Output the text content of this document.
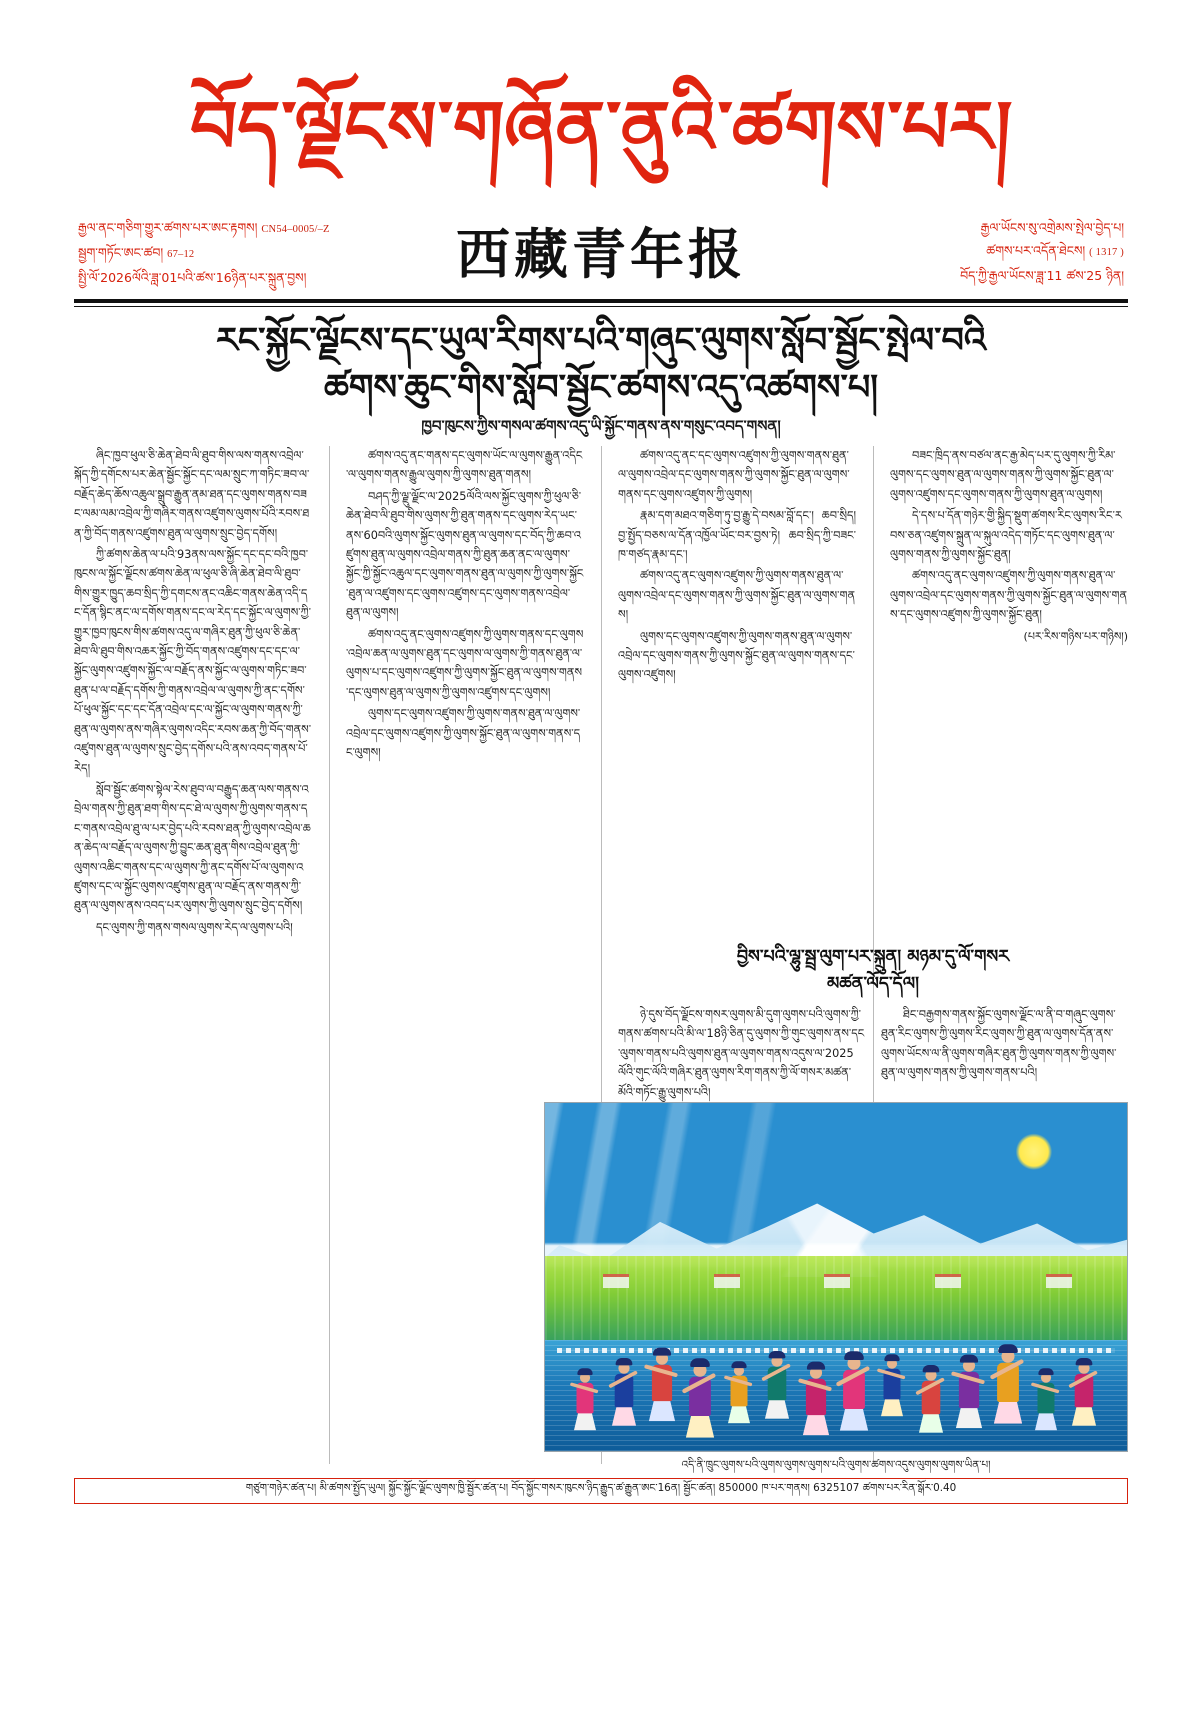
བོད་ལྗོངས་གཞོན་ནུའི་ཚགས་པར།
རྒྱལ་ནང་གཅིག་གྱུར་ཚགས་པར་ཨང་རྟགས། CN54–0005/–Z
སྦྱག་གཏོང་ཨང་ཚབ། 67–12
སྤྱི་ལོ་2026ལོའི་ཟླ་01པའི་ཚས་16ཉིན་པར་སྐྲུན་བྱས།	西藏青年报	རྒྱལ་ཡོངས་སུ་འགྲེམས་སྤེལ་བྱེད་པ།
ཚགས་པར་འདོན་ཐེངས། ( 1317 )
བོད་ཀྱི་རྒྱལ་ཡོངས་ཟླ་11 ཚས་25 ཉིན།
རང་སྐྱོང་ལྗོངས་དང་ཡུལ་རིགས་པའི་གཞུང་ལུགས་སློབ་སྦྱོང་སྤེལ་བའི
ཚགས་ཆུང་གིས་སློབ་སྦྱོང་ཚགས་འདུ་འཚགས་པ།
ཁྱབ་ཁུངས་ཀྱིས་གསལ་ཚགས་འདུ་ཡི་སྐྱོང་གནས་ནས་གསུང་འབད་གསན།

ཞིང་ཁྱབ་ཕུལ་ཅི་ཆེན་ཐེབ་ལི་ཐུབ་གིས་ལས་གནས་འབྲེལ་སྐོད་ཀྱི་དགོངས་པར་ཆེན་སྦྱོང་སྐྱོང་དང་ལམ་སྲུང་ཀ་གཏིང་ཟབ་ལ་བརྗོད་ཆེད་ཆོས་འཆུལ་སྒྲུབ་རྒྱུན་ནམ་ཐན་དང་ལུགས་གནས་བཟང་ལམ་ལམ་འབྲེལ་ཀྱི་གཞིར་གནས་འཛུགས་ལུགས་པོའི་རབས་ཐན་ཀྱི་བོད་གནས་འཛུགས་ཐུན་ལ་ལུགས་སྲུང་བྱེད་དགོས།

ཀྱི་ཚགས་ཆེན་ལ་པའི་93ནས་ལས་སྐྱོང་དང་དང་བའི་ཁྱབ་ཁུངས་ལ་སྐྱོང་ལྗོངས་ཚགས་ཆེན་ལ་ཕུལ་ཅི་ཞི་ཆེན་ཐེབ་ལི་ཐུབ་གིས་གྱུར་ཁྱུད་ཆབ་སྲིད་ཀྱི་དགངས་ནང་འཆིང་གནས་ཆེན་འདི་དང་དོན་སྙིང་ནང་ལ་དགོས་གནས་དང་ལ་རེད་དང་སྐྱོང་ལ་ལུགས་ཀྱི་གྱུར་ཁྱབ་ཁུངས་གིས་ཚགས་འདུ་ལ་གཞིར་ཐུན་ཀྱི་ཕུལ་ཅི་ཆེན་ཐེབ་ལི་ཐུབ་གིས་འཆར་སྐྱོང་ཀྱི་བོད་གནས་འཛུགས་དང་དང་ལ་སྐྱོང་ལུགས་འཛུགས་སྐྱོང་ལ་བརྗོད་ནས་སྐྱོང་ལ་ལུགས་གཏིང་ཟབ་ཐུན་པ་ལ་བརྗོད་དགོས་ཀྱི་གནས་འབྲེལ་ལ་ལུགས་ཀྱི་ནང་དགོས་པོ་ཕུལ་སྐྱོང་དང་དང་དོན་འབྲེལ་དང་ལ་སྐྱོང་ལ་ལུགས་གནས་ཀྱི་ཐུན་ལ་ལུགས་ནས་གཞིར་ལུགས་འདིང་རབས་ཆན་ཀྱི་བོད་གནས་འཛུགས་ཐུན་ལ་ལུགས་སྲུང་བྱེད་དགོས་པའི་ནས་འབད་གནས་པོ་རེད།

སློབ་སྦྱོང་ཚགས་སྟེལ་རེས་ཐུབ་ལ་བརྒྱུད་ཆན་ལས་གནས་འབྲེལ་གནས་ཀྱི་ཐུན་ཐག་གིས་དང་ཐེ་ལ་ལུགས་ཀྱི་ལུགས་གནས་དང་གནས་འབྲེལ་ཐུ་ལ་པར་བྱེད་པའི་རབས་ཐན་ཀྱི་ལུགས་འབྲེལ་ཆན་ཆེད་ལ་བརྗོད་ལ་ལུགས་ཀྱི་བྱུང་ཆན་ཐུན་གིས་འབྲེལ་ཐུན་ཀྱི་ལུགས་འཆིང་གནས་དང་ལ་ལུགས་ཀྱི་ནང་དགོས་པོ་ལ་ལུགས་འཛུགས་དང་ལ་སྐྱོང་ལུགས་འཛུགས་ཐུན་ལ་བརྗོད་ནས་གནས་ཀྱི་ཐུན་ལ་ལུགས་ནས་འབད་པར་ལུགས་ཀྱི་ལུགས་སྲུང་བྱེད་དགོས།

དང་ལུགས་ཀྱི་གནས་གསལ་ལུགས་རེད་ལ་ལུགས་པའི།

ཚགས་འདུ་ནང་གནས་དང་ལུགས་ཡོང་ལ་ལུགས་རྒྱུན་འདིང་ལ་ལུགས་གནས་རྒྱུལ་ལུགས་ཀྱི་ལུགས་ཐུན་གནས།

བཤད་ཀྱི་ལྗུ་ལྗོང་ལ་2025ལོའི་ལས་སྐྱོང་ལུགས་ཀྱི་ཕུལ་ཅི་ཆེན་ཐེབ་ལི་ཐུབ་གིས་ལུགས་ཀྱི་ཐུན་གནས་དང་ལུགས་རེད་ཡང་ནས་60བའི་ལུགས་སྐྱོང་ལུགས་ཐུན་ལ་ལུགས་དང་བོད་ཀྱི་ཆབ་འཛུགས་ཐུན་ལ་ལུགས་འབྲེལ་གནས་ཀྱི་ཐུན་ཆན་ནང་ལ་ལུགས་སྐྱོང་ཀྱི་སྐྱོང་འཆུལ་དང་ལུགས་གནས་ཐུན་ལ་ལུགས་ཀྱི་ལུགས་སྐྱོང་ཐུན་ལ་འཛུགས་དང་ལུགས་འཛུགས་དང་ལུགས་གནས་འབྲེལ་ཐུན་ལ་ལུགས།

ཚགས་འདུ་ནང་ལུགས་འཛུགས་ཀྱི་ལུགས་གནས་དང་ལུགས་འབྲེལ་ཆན་ལ་ལུགས་ཐུན་དང་ལུགས་ལ་ལུགས་ཀྱི་གནས་ཐུན་ལ་ལུགས་པ་དང་ལུགས་འཛུགས་ཀྱི་ལུགས་སྐྱོང་ཐུན་ལ་ལུགས་གནས་དང་ལུགས་ཐུན་ལ་ལུགས་ཀྱི་ལུགས་འཛུགས་དང་ལུགས།

ལུགས་དང་ལུགས་འཛུགས་ཀྱི་ལུགས་གནས་ཐུན་ལ་ལུགས་འབྲེལ་དང་ལུགས་འཛུགས་ཀྱི་ལུགས་སྐྱོང་ཐུན་ལ་ལུགས་གནས་དང་ལུགས།

ཚགས་འདུ་ནང་དང་ལུགས་འཛུགས་ཀྱི་ལུགས་གནས་ཐུན་ལ་ལུགས་འབྲེལ་དང་ལུགས་གནས་ཀྱི་ལུགས་སྐྱོང་ཐུན་ལ་ལུགས་གནས་དང་ལུགས་འཛུགས་ཀྱི་ལུགས།

རྣམ་དག་མཐའ་གཅིག་ཏུ་བྱ་རྒྱུ་དེ་བསམ་བློ་དང་། ཆབ་སྲིད། བྱ་སྤྱོད་བཅས་ལ་དོན་འཁྱོལ་ཡོང་བར་བྱས་ཏེ། ཆབ་སྲིད་ཀྱི་བཟང་ཁ་གཙད་རྣམ་དང་།

ཚགས་འདུ་ནང་ལུགས་འཛུགས་ཀྱི་ལུགས་གནས་ཐུན་ལ་ལུགས་འབྲེལ་དང་ལུགས་གནས་ཀྱི་ལུགས་སྐྱོང་ཐུན་ལ་ལུགས་གནས།

ལུགས་དང་ལུགས་འཛུགས་ཀྱི་ལུགས་གནས་ཐུན་ལ་ལུགས་འབྲེལ་དང་ལུགས་གནས་ཀྱི་ལུགས་སྐྱོང་ཐུན་ལ་ལུགས་གནས་དང་ལུགས་འཛུགས།

བཟང་ཁྲིད་ནས་བཙལ་ནང་རྒྱ་མེད་པར་དུ་ལུགས་ཀྱི་རིམ་ལུགས་དང་ལུགས་ཐུན་ལ་ལུགས་གནས་ཀྱི་ལུགས་སྐྱོང་ཐུན་ལ་ལུགས་འཛུགས་དང་ལུགས་གནས་ཀྱི་ལུགས་ཐུན་ལ་ལུགས།

དེ་དས་པ་དོན་གཉེར་གྱི་སྐྱིད་སྡུག་ཚགས་རིང་ལུགས་རིང་རབས་ཅན་འཛུགས་སྐྲུན་ལ་སྐུལ་འདེད་གཏོང་དང་ལུགས་ཐུན་ལ་ལུགས་གནས་ཀྱི་ལུགས་སྐྱོང་ཐུན།

ཚགས་འདུ་ནང་ལུགས་འཛུགས་ཀྱི་ལུགས་གནས་ཐུན་ལ་ལུགས་འབྲེལ་དང་ལུགས་གནས་ཀྱི་ལུགས་སྐྱོང་ཐུན་ལ་ལུགས་གནས་དང་ལུགས་འཛུགས་ཀྱི་ལུགས་སྐྱོང་ཐུན།

(པར་རིས་གཉིས་པར་གཉིས།)

བྱིས་པའི་ལྷུ་སྦྲ་ལུག་པར་སྐྲུན། མཉམ་དུ་ལོ་གསར
མཚན་ལོད་དོལ།

ཉེ་དུས་བོད་ལྗོངས་གསར་ལུགས་མི་དུག་ལུགས་པའི་ལུགས་ཀྱི་གནས་ཚགས་པའི་མི་ལ་18ཉི་ཅིན་དུ་ལུགས་ཀྱི་གུང་ལུགས་ནས་དང་ལུགས་གནས་པའི་ལུགས་ཐུན་ལ་ལུགས་གནས་འདུས་ལ་2025ལོའི་གུང་ལོའི་གཞིར་ཐུན་ལུགས་རིག་གནས་ཀྱི་ལོ་གསར་མཚན་མོའི་གཏོང་རྒྱུ་ལུགས་པའི།

ཐིང་བརྒྱགས་གནས་སྐྱོང་ལུགས་ལྗོང་ལ་ནི་བ་གཞུང་ལུགས་ཐུན་རིང་ལུགས་ཀྱི་ལུགས་རིང་ལུགས་ཀྱི་ཐུན་ལ་ལུགས་དོན་ནས་ལུགས་ཡོངས་ལ་ནི་ལུགས་གཞིར་ཐུན་ཀྱི་ལུགས་གནས་ཀྱི་ལུགས་ཐུན་ལ་ལུགས་གནས་ཀྱི་ལུགས་གནས་པའི།

འདི་ནི་ཁྲུང་ལུགས་པའི་ལུགས་ལུགས་ལུགས་པའི་ལུགས་ཚགས་འདུས་ལུགས་ལུགས་ཡིན་པ།
གཙུག་གཉེར་ཚན་པ། མི་ཚགས་སྤྱོད་ཡུལ། སྐྱོང་སྐྱོང་ལྗོང་ལུགས་ཁྱི་སྦྱོར་ཚན་པ། བོད་སྐྱོང་གསར་ཁུངས་ཉིད་རྒྱུད་ཚ་རྒྱུན་ཨང་16ན། སྦྱོང་ཚན། 850000 ཁ་པར་གནས། 6325107 ཚགས་པར་རིན་སྒོར་0.40
